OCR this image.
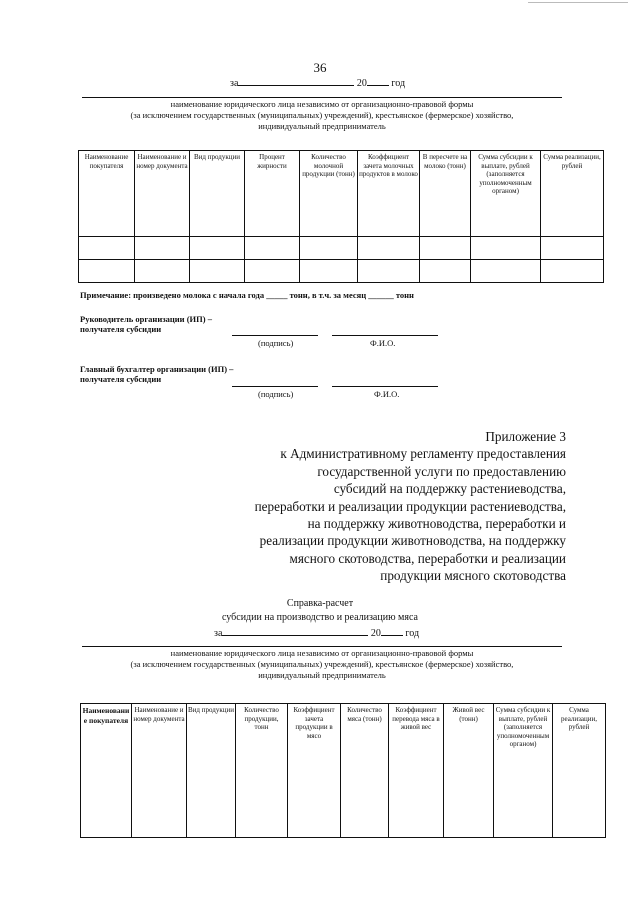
36
за	20 год
наименование юридического лица независимо от организационно-правовой формы
(за исключением государственных (муниципальных) учреждений), крестьянское (фермерское) хозяйство,
индивидуальный предприниматель
Наименование покупателя	Наименование и номер документа	Вид продукции	Процент жирности	Количество молочной продукции (тонн)	Коэффициент зачета молочных продуктов в молоко	В пересчете на молоко (тонн)	Сумма субсидии к выплате, рублей (заполняется уполномоченным органом)	Сумма реализации, рублей

Примечание: произведено молока с начала года _____ тонн, в т.ч. за месяц ______ тонн
Руководитель организации (ИП) –
получателя субсидии
(подпись)	Ф.И.О.
Главный бухгалтер организации (ИП) –
получателя субсидии
(подпись)	Ф.И.О.
Приложение 3
к Административному регламенту предоставления
государственной услуги по предоставлению
субсидий на поддержку растениеводства,
переработки и реализации продукции растениеводства,
на поддержку животноводства, переработки и
реализации продукции животноводства, на поддержку
мясного скотоводства, переработки и реализации
продукции мясного скотоводства
Справка-расчет
субсидии на производство и реализацию мяса
за	20 год
наименование юридического лица независимо от организационно-правовой формы
(за исключением государственных (муниципальных) учреждений), крестьянское (фермерское) хозяйство,
индивидуальный предприниматель
Наименование покупателя	Наименование и номер документа	Вид продукции	Количество продукции, тонн	Коэффициент зачета продукции в мясо	Количество мяса (тонн)	Коэффициент перевода мяса в живой вес	Живой вес (тонн)	Сумма субсидии к выплате, рублей (заполняется уполномоченным органом)	Сумма реализации, рублей
